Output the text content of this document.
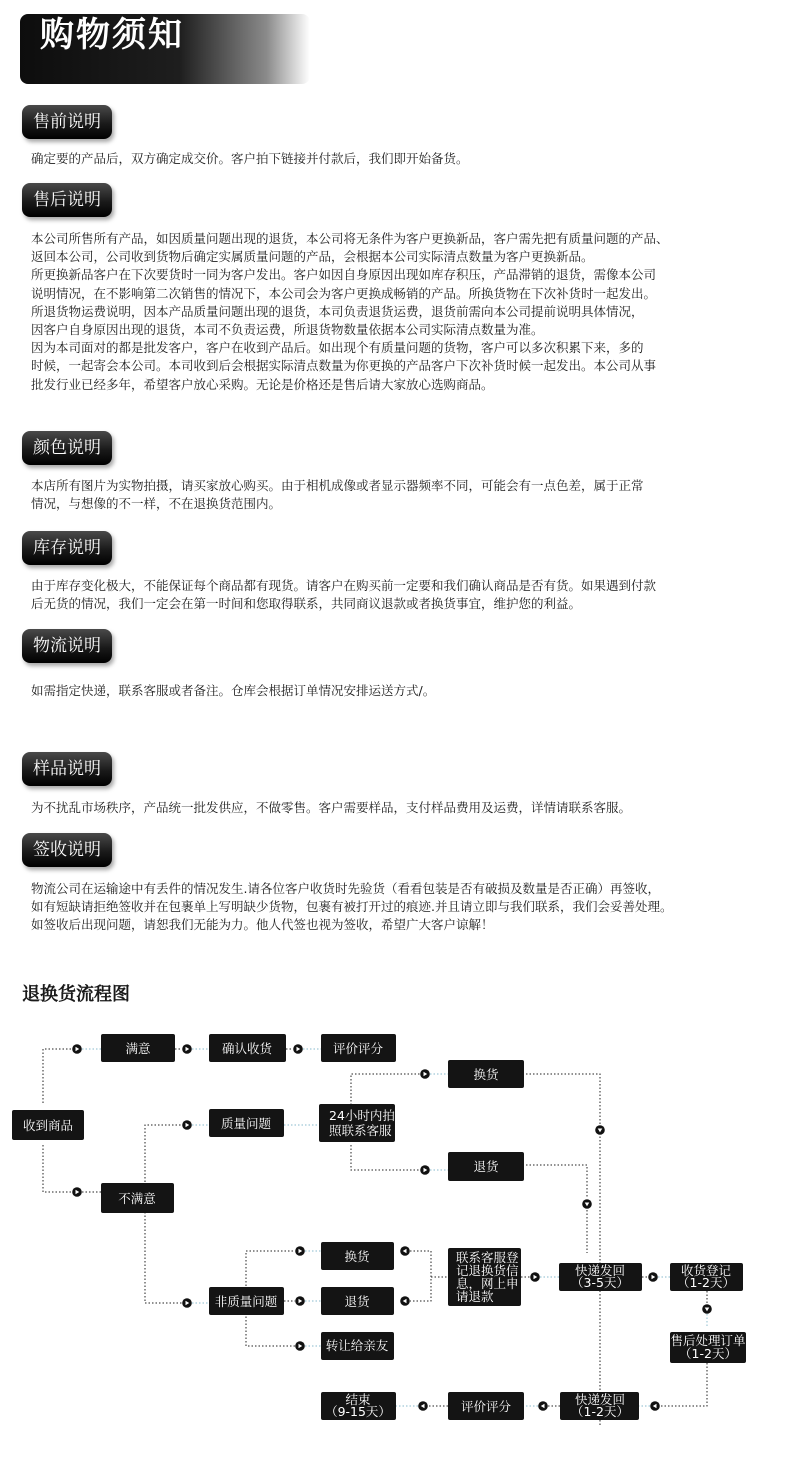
购物须知
售前说明
确定要的产品后，双方确定成交价。客户拍下链接并付款后，我们即开始备货。
售后说明
本公司所售所有产品，如因质量问题出现的退货，本公司将无条件为客户更换新品，客户需先把有质量问题的产品、
返回本公司，公司收到货物后确定实属质量问题的产品，会根据本公司实际清点数量为客户更换新品。
所更换新品客户在下次要货时一同为客户发出。客户如因自身原因出现如库存积压，产品滞销的退货，需像本公司
说明情况，在不影响第二次销售的情况下，本公司会为客户更换成畅销的产品。所换货物在下次补货时一起发出。
所退货物运费说明，因本产品质量问题出现的退货，本司负责退货运费，退货前需向本公司提前说明具体情况，
因客户自身原因出现的退货，本司不负责运费，所退货物数量依据本公司实际清点数量为准。
因为本司面对的都是批发客户，客户在收到产品后。如出现个有质量问题的货物，客户可以多次积累下来，多的
时候，一起寄会本公司。本司收到后会根据实际清点数量为你更换的产品客户下次补货时候一起发出。本公司从事
批发行业已经多年，希望客户放心采购。无论是价格还是售后请大家放心选购商品。
颜色说明
本店所有图片为实物拍摄，请买家放心购买。由于相机成像或者显示器频率不同，可能会有一点色差，属于正常
情况，与想像的不一样，不在退换货范围内。
库存说明
由于库存变化极大，不能保证每个商品都有现货。请客户在购买前一定要和我们确认商品是否有货。如果遇到付款
后无货的情况，我们一定会在第一时间和您取得联系，共同商议退款或者换货事宜，维护您的利益。
物流说明
如需指定快递，联系客服或者备注。仓库会根据订单情况安排运送方式/。
样品说明
为不扰乱市场秩序，产品统一批发供应，不做零售。客户需要样品，支付样品费用及运费，详情请联系客服。
签收说明
物流公司在运输途中有丢件的情况发生.请各位客户收货时先验货（看看包装是否有破损及数量是否正确）再签收，
如有短缺请拒绝签收并在包裹单上写明缺少货物，包裹有被打开过的痕迹.并且请立即与我们联系，我们会妥善处理。
如签收后出现问题，请恕我们无能为力。他人代签也视为签收，希望广大客户谅解！
退换货流程图
收到商品
满意	确认收货	评价评分
不满意
质量问题
24小时内拍
照联系客服
换货
退货
非质量问题
换货
退货
转让给亲友
联系客服登
记退换货信
息，网上申
请退款
快递发回
（3-5天）
收货登记
（1-2天）
售后处理订单
（1-2天）
快递发回
（1-2天）
评价评分
结束
（9-15天）
